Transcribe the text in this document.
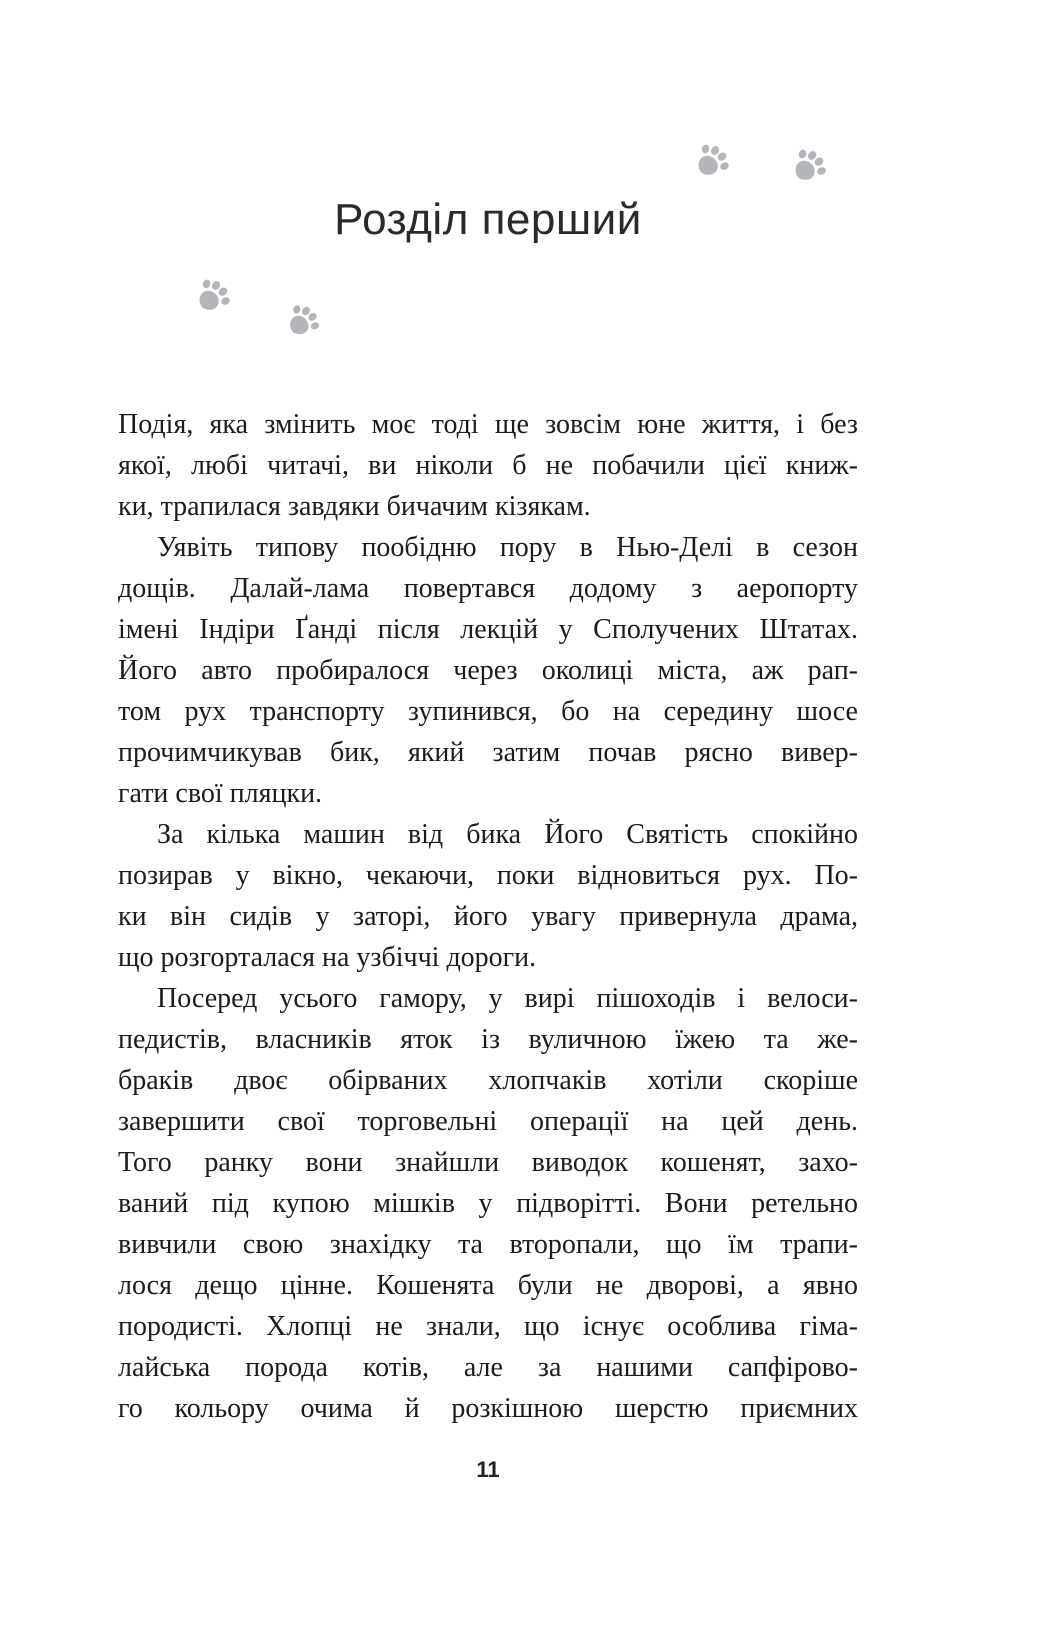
Розділ перший
Подія, яка змінить моє тоді ще зовсім юне життя, і без
якої, любі читачі, ви ніколи б не побачили цієї книж-
ки, трапилася завдяки бичачим кізякам.
Уявіть типову пообідню пору в Нью-Делі в сезон
дощів. Далай-лама повертався додому з аеропорту
імені Індіри Ґанді після лекцій у Сполучених Штатах.
Його авто пробиралося через околиці міста, аж рап-
том рух транспорту зупинився, бо на середину шосе
прочимчикував бик, який затим почав рясно вивер-
гати свої пляцки.
За кілька машин від бика Його Святість спокійно
позирав у вікно, чекаючи, поки відновиться рух. По-
ки він сидів у заторі, його увагу привернула драма,
що розгорталася на узбіччі дороги.
Посеред усього гамору, у вирі пішоходів і велоси-
педистів, власників яток із вуличною їжею та же-
браків двоє обірваних хлопчаків хотіли скоріше
завершити свої торговельні операції на цей день.
Того ранку вони знайшли виводок кошенят, захо-
ваний під купою мішків у підворітті. Вони ретельно
вивчили свою знахідку та второпали, що їм трапи-
лося дещо цінне. Кошенята були не дворові, а явно
породисті. Хлопці не знали, що існує особлива гіма-
лайська порода котів, але за нашими сапфірово-
го кольору очима й розкішною шерстю приємних
11
